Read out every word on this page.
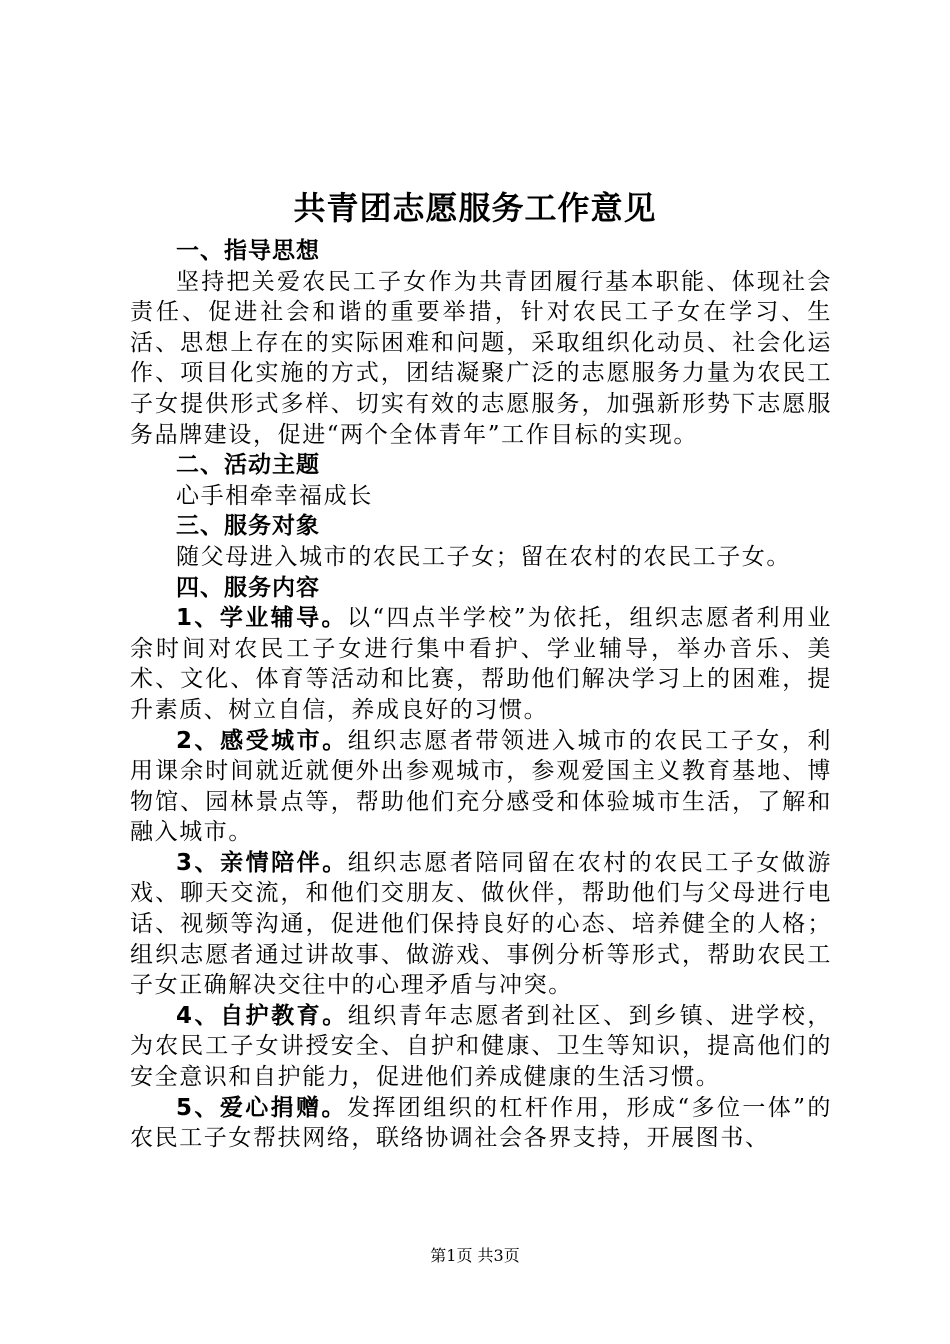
共青团志愿服务工作意见

一、指导思想

坚持把关爱农民工子女作为共青团履行基本职能、体现社会责任、促进社会和谐的重要举措，针对农民工子女在学习、生活、思想上存在的实际困难和问题，采取组织化动员、社会化运作、项目化实施的方式，团结凝聚广泛的志愿服务力量为农民工子女提供形式多样、切实有效的志愿服务，加强新形势下志愿服务品牌建设，促进“两个全体青年”工作目标的实现。

二、活动主题

心手相牵幸福成长

三、服务对象

随父母进入城市的农民工子女；留在农村的农民工子女。

四、服务内容

1、学业辅导。以“四点半学校”为依托，组织志愿者利用业余时间对农民工子女进行集中看护、学业辅导，举办音乐、美术、文化、体育等活动和比赛，帮助他们解决学习上的困难，提升素质、树立自信，养成良好的习惯。

2、感受城市。组织志愿者带领进入城市的农民工子女，利用课余时间就近就便外出参观城市，参观爱国主义教育基地、博物馆、园林景点等，帮助他们充分感受和体验城市生活，了解和融入城市。

3、亲情陪伴。组织志愿者陪同留在农村的农民工子女做游戏、聊天交流，和他们交朋友、做伙伴，帮助他们与父母进行电话、视频等沟通，促进他们保持良好的心态、培养健全的人格；组织志愿者通过讲故事、做游戏、事例分析等形式，帮助农民工子女正确解决交往中的心理矛盾与冲突。

4、自护教育。组织青年志愿者到社区、到乡镇、进学校，为农民工子女讲授安全、自护和健康、卫生等知识，提高他们的安全意识和自护能力，促进他们养成健康的生活习惯。

5、爱心捐赠。发挥团组织的杠杆作用，形成“多位一体”的农民工子女帮扶网络，联络协调社会各界支持，开展图书、

第1页 共3页
